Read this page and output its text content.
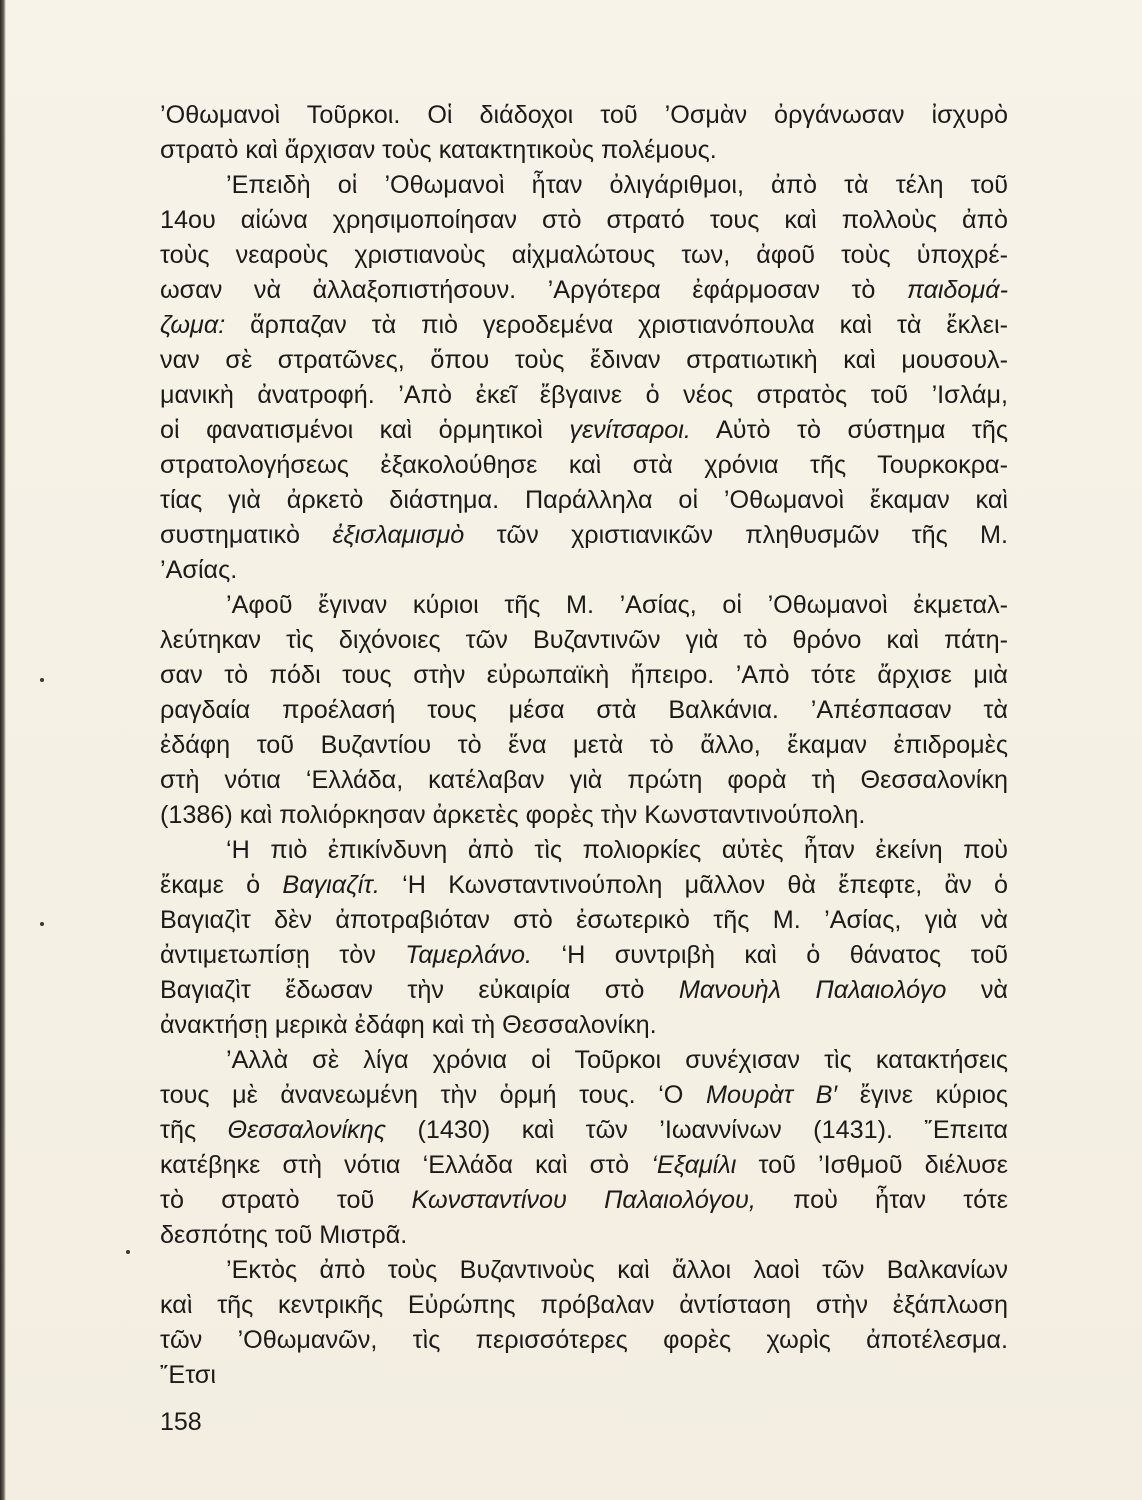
’Οθωμανοὶ Τοῦρκοι. Οἱ διάδοχοι τοῦ ’Οσμὰν ὀργάνωσαν ἰσχυρὸ
στρατὸ καὶ ἄρχισαν τοὺς κατακτητικοὺς πολέμους.
’Επειδὴ οἱ ’Οθωμανοὶ ἦταν ὀλιγάριθμοι, ἀπὸ τὰ τέλη τοῦ
14ου αἰώνα χρησιμοποίησαν στὸ στρατό τους καὶ πολλοὺς ἀπὸ
τοὺς νεαροὺς χριστιανοὺς αἰχμαλώτους των, ἀφοῦ τοὺς ὑποχρέ-
ωσαν νὰ ἀλλαξοπιστήσουν. ’Αργότερα ἐφάρμοσαν τὸ παιδομά-
ζωμα: ἅρπαζαν τὰ πιὸ γεροδεμένα χριστιανόπουλα καὶ τὰ ἔκλει-
ναν σὲ στρατῶνες, ὅπου τοὺς ἔδιναν στρατιωτικὴ καὶ μουσουλ-
μανικὴ ἀνατροφή. ’Απὸ ἐκεῖ ἔβγαινε ὁ νέος στρατὸς τοῦ ’Ισλάμ,
οἱ φανατισμένοι καὶ ὁρμητικοὶ γενίτσαροι. Αὐτὸ τὸ σύστημα τῆς
στρατολογήσεως ἐξακολούθησε καὶ στὰ χρόνια τῆς Τουρκοκρα-
τίας γιὰ ἀρκετὸ διάστημα. Παράλληλα οἱ ’Οθωμανοὶ ἔκαμαν καὶ
συστηματικὸ ἐξισλαμισμὸ τῶν χριστιανικῶν πληθυσμῶν τῆς Μ.
’Ασίας.
’Αφοῦ ἔγιναν κύριοι τῆς Μ. ’Ασίας, οἱ ’Οθωμανοὶ ἐκμεταλ-
λεύτηκαν τὶς διχόνοιες τῶν Βυζαντινῶν γιὰ τὸ θρόνο καὶ πάτη-
σαν τὸ πόδι τους στὴν εὐρωπαϊκὴ ἤπειρο. ’Απὸ τότε ἄρχισε μιὰ
ραγδαία προέλασή τους μέσα στὰ Βαλκάνια. ’Απέσπασαν τὰ
ἐδάφη τοῦ Βυζαντίου τὸ ἕνα μετὰ τὸ ἄλλο, ἔκαμαν ἐπιδρομὲς
στὴ νότια ‘Ελλάδα, κατέλαβαν γιὰ πρώτη φορὰ τὴ Θεσσαλονίκη
(1386) καὶ πολιόρκησαν ἀρκετὲς φορὲς τὴν Κωνσταντινούπολη.
‘Η πιὸ ἐπικίνδυνη ἀπὸ τὶς πολιορκίες αὐτὲς ἦταν ἐκείνη ποὺ
ἔκαμε ὁ Βαγιαζίτ. ‘Η Κωνσταντινούπολη μᾶλλον θὰ ἔπεφτε, ἂν ὁ
Βαγιαζὶτ δὲν ἀποτραβιόταν στὸ ἐσωτερικὸ τῆς Μ. ’Ασίας, γιὰ νὰ
ἀντιμετωπίσῃ τὸν Ταμερλάνο. ‘Η συντριβὴ καὶ ὁ θάνατος τοῦ
Βαγιαζὶτ ἔδωσαν τὴν εὐκαιρία στὸ Μανουὴλ Παλαιολόγο νὰ
ἀνακτήσῃ μερικὰ ἐδάφη καὶ τὴ Θεσσαλονίκη.
’Αλλὰ σὲ λίγα χρόνια οἱ Τοῦρκοι συνέχισαν τὶς κατακτήσεις
τους μὲ ἀνανεωμένη τὴν ὁρμή τους. ‘Ο Μουρὰτ Β′ ἔγινε κύριος
τῆς Θεσσαλονίκης (1430) καὶ τῶν ’Ιωαννίνων (1431). ῎Επειτα
κατέβηκε στὴ νότια ‘Ελλάδα καὶ στὸ ‘Εξαμίλι τοῦ ’Ισθμοῦ διέλυσε
τὸ στρατὸ τοῦ Κωνσταντίνου Παλαιολόγου, ποὺ ἦταν τότε
δεσπότης τοῦ Μιστρᾶ.
’Εκτὸς ἀπὸ τοὺς Βυζαντινοὺς καὶ ἄλλοι λαοὶ τῶν Βαλκανίων
καὶ τῆς κεντρικῆς Εὐρώπης πρόβαλαν ἀντίσταση στὴν ἐξάπλωση
τῶν ’Οθωμανῶν, τὶς περισσότερες φορὲς χωρὶς ἀποτέλεσμα.
῎Ετσι
158
